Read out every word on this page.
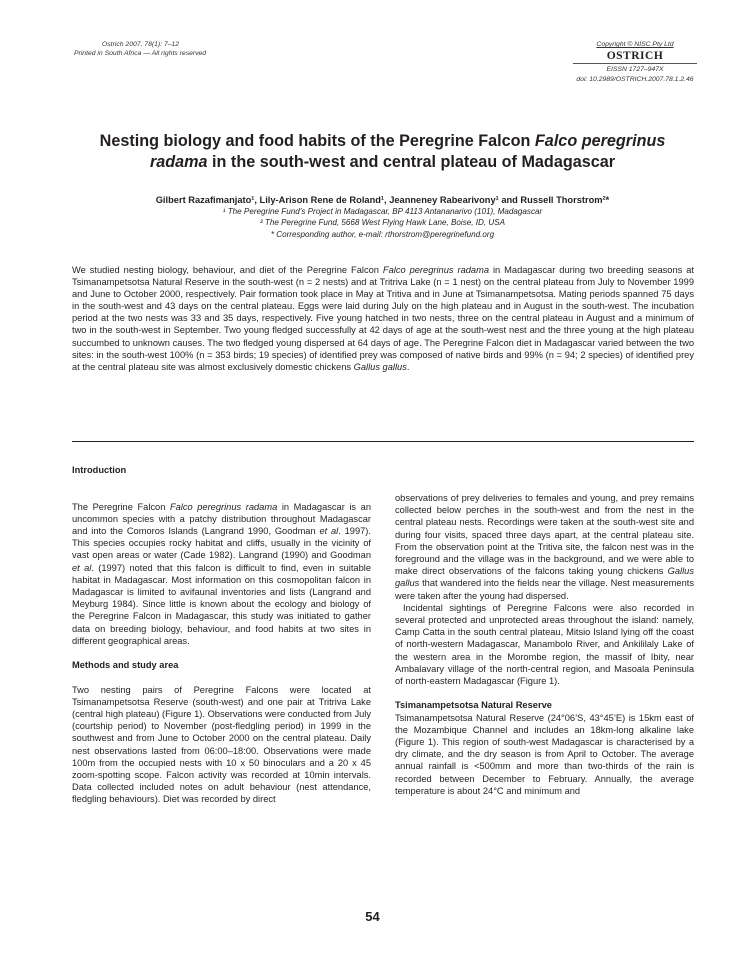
Ostrich 2007, 78(1): 7–12
Printed in South Africa — All rights reserved
Copyright © NISC Pty Ltd
OSTRICH
EISSN 1727–947X
doi: 10.2989/OSTRICH.2007.78.1.2.46
Nesting biology and food habits of the Peregrine Falcon Falco peregrinus radama in the south-west and central plateau of Madagascar
Gilbert Razafimanjato¹, Lily-Arison Rene de Roland¹, Jeanneney Rabearivony¹ and Russell Thorstrom²*
¹ The Peregrine Fund’s Project in Madagascar, BP 4113 Antananarivo (101), Madagascar
² The Peregrine Fund, 5668 West Flying Hawk Lane, Boise, ID, USA
* Corresponding author, e-mail: rthorstrom@peregrinefund.org
We studied nesting biology, behaviour, and diet of the Peregrine Falcon Falco peregrinus radama in Madagascar during two breeding seasons at Tsimanampetsotsa Natural Reserve in the south-west (n = 2 nests) and at Tritriva Lake (n = 1 nest) on the central plateau from July to November 1999 and June to October 2000, respectively. Pair formation took place in May at Tritiva and in June at Tsimanampetsotsa. Mating periods spanned 75 days in the south-west and 43 days on the central plateau. Eggs were laid during July on the high plateau and in August in the south-west. The incubation period at the two nests was 33 and 35 days, respectively. Five young hatched in two nests, three on the central plateau in August and a minimum of two in the south-west in September. Two young fledged successfully at 42 days of age at the south-west nest and the three young at the high plateau succumbed to unknown causes. The two fledged young dispersed at 64 days of age. The Peregrine Falcon diet in Madagascar varied between the two sites: in the south-west 100% (n = 353 birds; 19 species) of identified prey was composed of native birds and 99% (n = 94; 2 species) of identified prey at the central plateau site was almost exclusively domestic chickens Gallus gallus.

Introduction

The Peregrine Falcon Falco peregrinus radama in Madagascar is an uncommon species with a patchy distribution throughout Madagascar and into the Comoros Islands (Langrand 1990, Goodman et al. 1997). This species occupies rocky habitat and cliffs, usually in the vicinity of vast open areas or water (Cade 1982). Langrand (1990) and Goodman et al. (1997) noted that this falcon is difficult to find, even in suitable habitat in Madagascar. Most information on this cosmopolitan falcon in Madagascar is limited to avifaunal inventories and lists (Langrand and Meyburg 1984). Since little is known about the ecology and biology of the Peregrine Falcon in Madagascar, this study was initiated to gather data on breeding biology, behaviour, and food habits at two sites in different geographical areas.

Methods and study area

Two nesting pairs of Peregrine Falcons were located at Tsimanampetsotsa Reserve (south-west) and one pair at Tritriva Lake (central high plateau) (Figure 1). Observations were conducted from July (courtship period) to November (post-fledgling period) in 1999 in the southwest and from June to October 2000 on the central plateau. Daily nest observations lasted from 06:00–18:00. Observations were made 100m from the occupied nests with 10 x 50 binoculars and a 20 x 45 zoom-spotting scope. Falcon activity was recorded at 10min intervals. Data collected included notes on adult behaviour (nest attendance, fledgling behaviours). Diet was recorded by direct

observations of prey deliveries to females and young, and prey remains collected below perches in the south-west and from the nest in the central plateau nests. Recordings were taken at the south-west site and during four visits, spaced three days apart, at the central plateau site. From the observation point at the Tritiva site, the falcon nest was in the foreground and the village was in the background, and we were able to make direct observations of the falcons taking young chickens Gallus gallus that wandered into the fields near the village. Nest measurements were taken after the young had dispersed.

Incidental sightings of Peregrine Falcons were also recorded in several protected and unprotected areas throughout the island: namely, Camp Catta in the south central plateau, Mitsio Island lying off the coast of north-western Madagascar, Manambolo River, and Ankililaly Lake of the western area in the Morombe region, the massif of Ibity, near Ambalavary village of the north-central region, and Masoala Peninsula of north-eastern Madagascar (Figure 1).

Tsimanampetsotsa Natural Reserve

Tsimanampetsotsa Natural Reserve (24°06’S, 43°45’E) is 15km east of the Mozambique Channel and includes an 18km-long alkaline lake (Figure 1). This region of south-west Madagascar is characterised by a dry climate, and the dry season is from April to October. The average annual rainfall is <500mm and more than two-thirds of the rain is recorded between December to February. Annually, the average temperature is about 24°C and minimum and

54
